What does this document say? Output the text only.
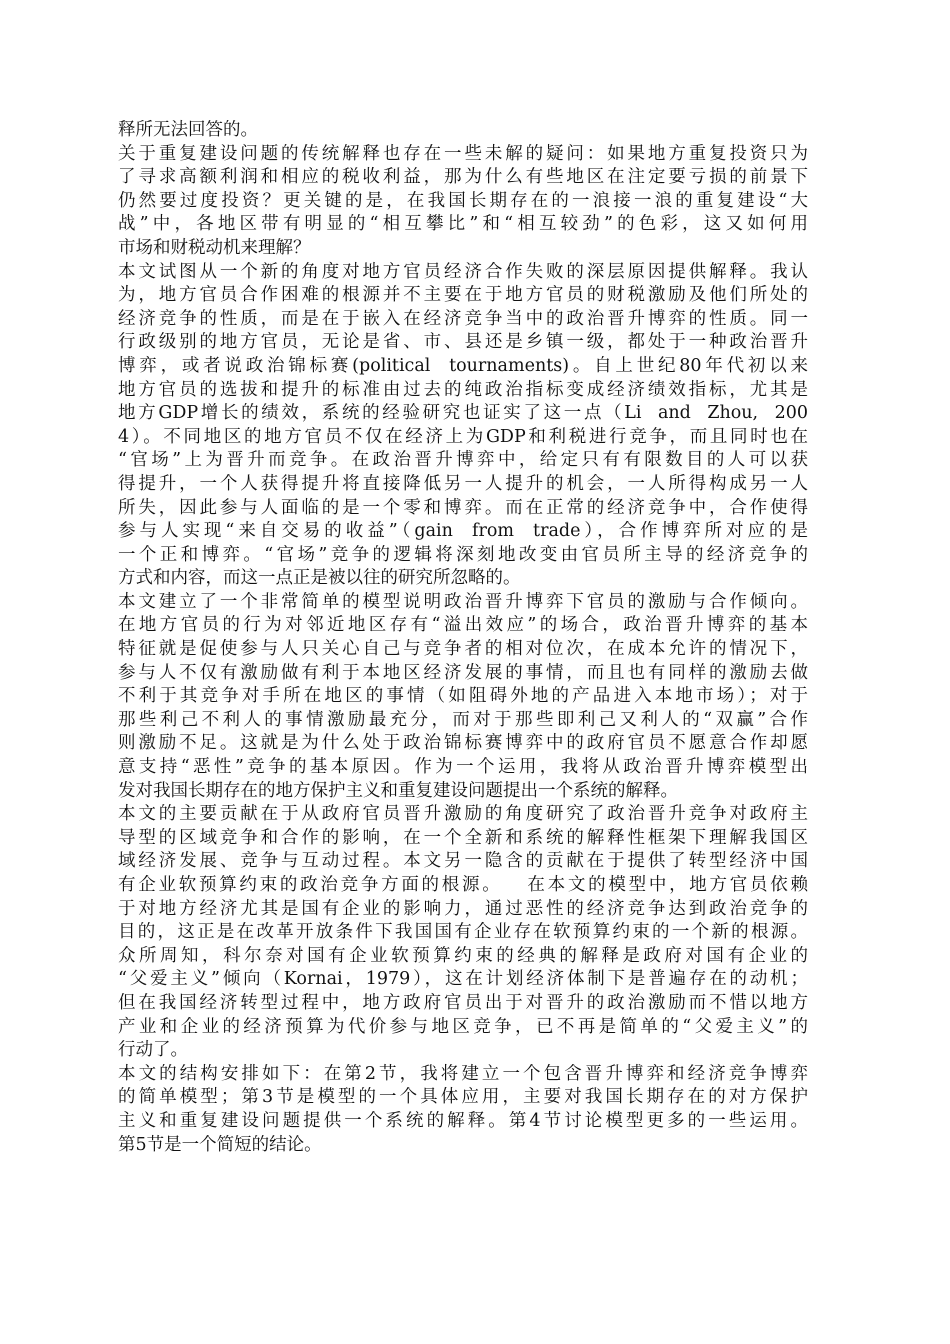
释所无法回答的。
关于重复建设问题的传统解释也存在一些未解的疑问：如果地方重复投资只为
了寻求高额利润和相应的税收利益，那为什么有些地区在注定要亏损的前景下
仍然要过度投资？更关键的是，在我国长期存在的一浪接一浪的重复建设“大
战”中，各地区带有明显的“相互攀比”和“相互较劲”的色彩，这又如何用
市场和财税动机来理解？
本文试图从一个新的角度对地方官员经济合作失败的深层原因提供解释。我认
为，地方官员合作困难的根源并不主要在于地方官员的财税激励及他们所处的
经济竞争的性质，而是在于嵌入在经济竞争当中的政治晋升博弈的性质。同一
行政级别的地方官员，无论是省、市、县还是乡镇一级，都处于一种政治晋升
博弈，或者说政治锦标赛(political  tournaments)。自上世纪80年代初以来
地方官员的选拔和提升的标准由过去的纯政治指标变成经济绩效指标，尤其是
地方GDP增长的绩效，系统的经验研究也证实了这一点（Li  and  Zhou,  200
4）。不同地区的地方官员不仅在经济上为GDP和利税进行竞争，而且同时也在
“官场”上为晋升而竞争。在政治晋升博弈中，给定只有有限数目的人可以获
得提升，一个人获得提升将直接降低另一人提升的机会，一人所得构成另一人
所失，因此参与人面临的是一个零和博弈。而在正常的经济竞争中，合作使得
参与人实现“来自交易的收益”（gain  from  trade），合作博弈所对应的是
一个正和博弈。“官场”竞争的逻辑将深刻地改变由官员所主导的经济竞争的
方式和内容，而这一点正是被以往的研究所忽略的。
本文建立了一个非常简单的模型说明政治晋升博弈下官员的激励与合作倾向。
在地方官员的行为对邻近地区存有“溢出效应”的场合，政治晋升博弈的基本
特征就是促使参与人只关心自己与竞争者的相对位次，在成本允许的情况下，
参与人不仅有激励做有利于本地区经济发展的事情，而且也有同样的激励去做
不利于其竞争对手所在地区的事情（如阻碍外地的产品进入本地市场）；对于
那些利己不利人的事情激励最充分，而对于那些即利己又利人的“双赢”合作
则激励不足。这就是为什么处于政治锦标赛博弈中的政府官员不愿意合作却愿
意支持“恶性”竞争的基本原因。作为一个运用，我将从政治晋升博弈模型出
发对我国长期存在的地方保护主义和重复建设问题提出一个系统的解释。
本文的主要贡献在于从政府官员晋升激励的角度研究了政治晋升竞争对政府主
导型的区域竞争和合作的影响，在一个全新和系统的解释性框架下理解我国区
域经济发展、竞争与互动过程。本文另一隐含的贡献在于提供了转型经济中国
有企业软预算约束的政治竞争方面的根源。   在本文的模型中，地方官员依赖
于对地方经济尤其是国有企业的影响力，通过恶性的经济竞争达到政治竞争的
目的，这正是在改革开放条件下我国国有企业存在软预算约束的一个新的根源。
众所周知，科尔奈对国有企业软预算约束的经典的解释是政府对国有企业的
“父爱主义”倾向（Kornai，1979），这在计划经济体制下是普遍存在的动机；
但在我国经济转型过程中，地方政府官员出于对晋升的政治激励而不惜以地方
产业和企业的经济预算为代价参与地区竞争，已不再是简单的“父爱主义”的
行动了。
本文的结构安排如下：在第2节，我将建立一个包含晋升博弈和经济竞争博弈
的简单模型；第3节是模型的一个具体应用，主要对我国长期存在的对方保护
主义和重复建设问题提供一个系统的解释。第4节讨论模型更多的一些运用。
第5节是一个简短的结论。
